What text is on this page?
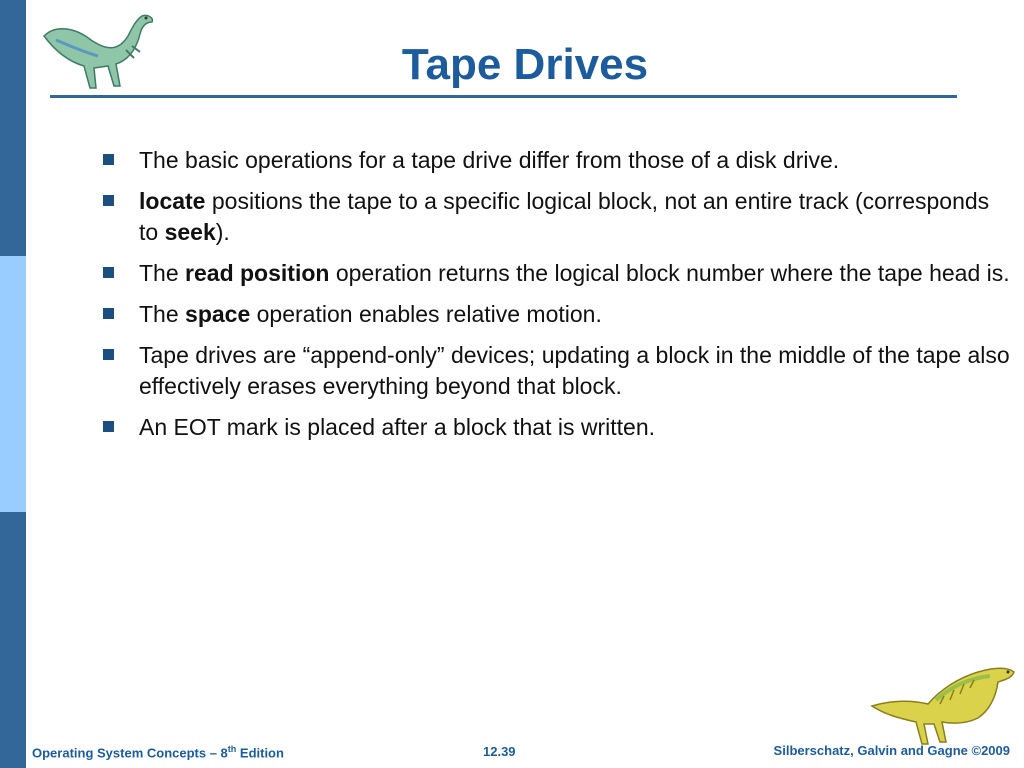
Tape Drives
The basic operations for a tape drive differ from those of a disk drive.
locate positions the tape to a specific logical block, not an entire track (corresponds to seek).
The read position operation returns the logical block number where the tape head is.
The space operation enables relative motion.
Tape drives are “append-only” devices; updating a block in the middle of the tape also effectively erases everything beyond that block.
An EOT mark is placed after a block that is written.
Operating System Concepts – 8th Edition	12.39	Silberschatz, Galvin and Gagne ©2009
